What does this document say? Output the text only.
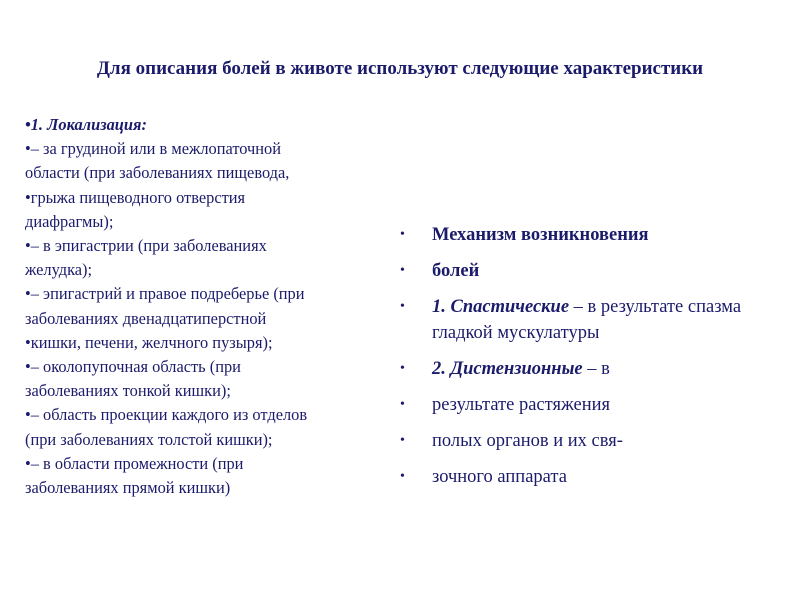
Для описания болей в животе используют следующие характеристики
•1. Локализация:
•– за грудиной или в межлопаточной
области (при заболеваниях пищевода,
•грыжа пищеводного отверстия
диафрагмы);
•– в эпигастрии (при заболеваниях
желудка);
•– эпигастрий и правое подреберье (при
заболеваниях двенадцатиперстной
•кишки, печени, желчного пузыря);
•– околопупочная область (при
заболеваниях тонкой кишки);
•– область проекции каждого из отделов
(при заболеваниях толстой кишки);
•– в области промежности (при
заболеваниях прямой кишки)
•	Механизм возникновения
•	болей
•	1. Спастические – в результате спазма гладкой мускулатуры
•	2. Дистензионные – в
•	результате растяжения
•	полых органов и их свя-
•	зочного аппарата
